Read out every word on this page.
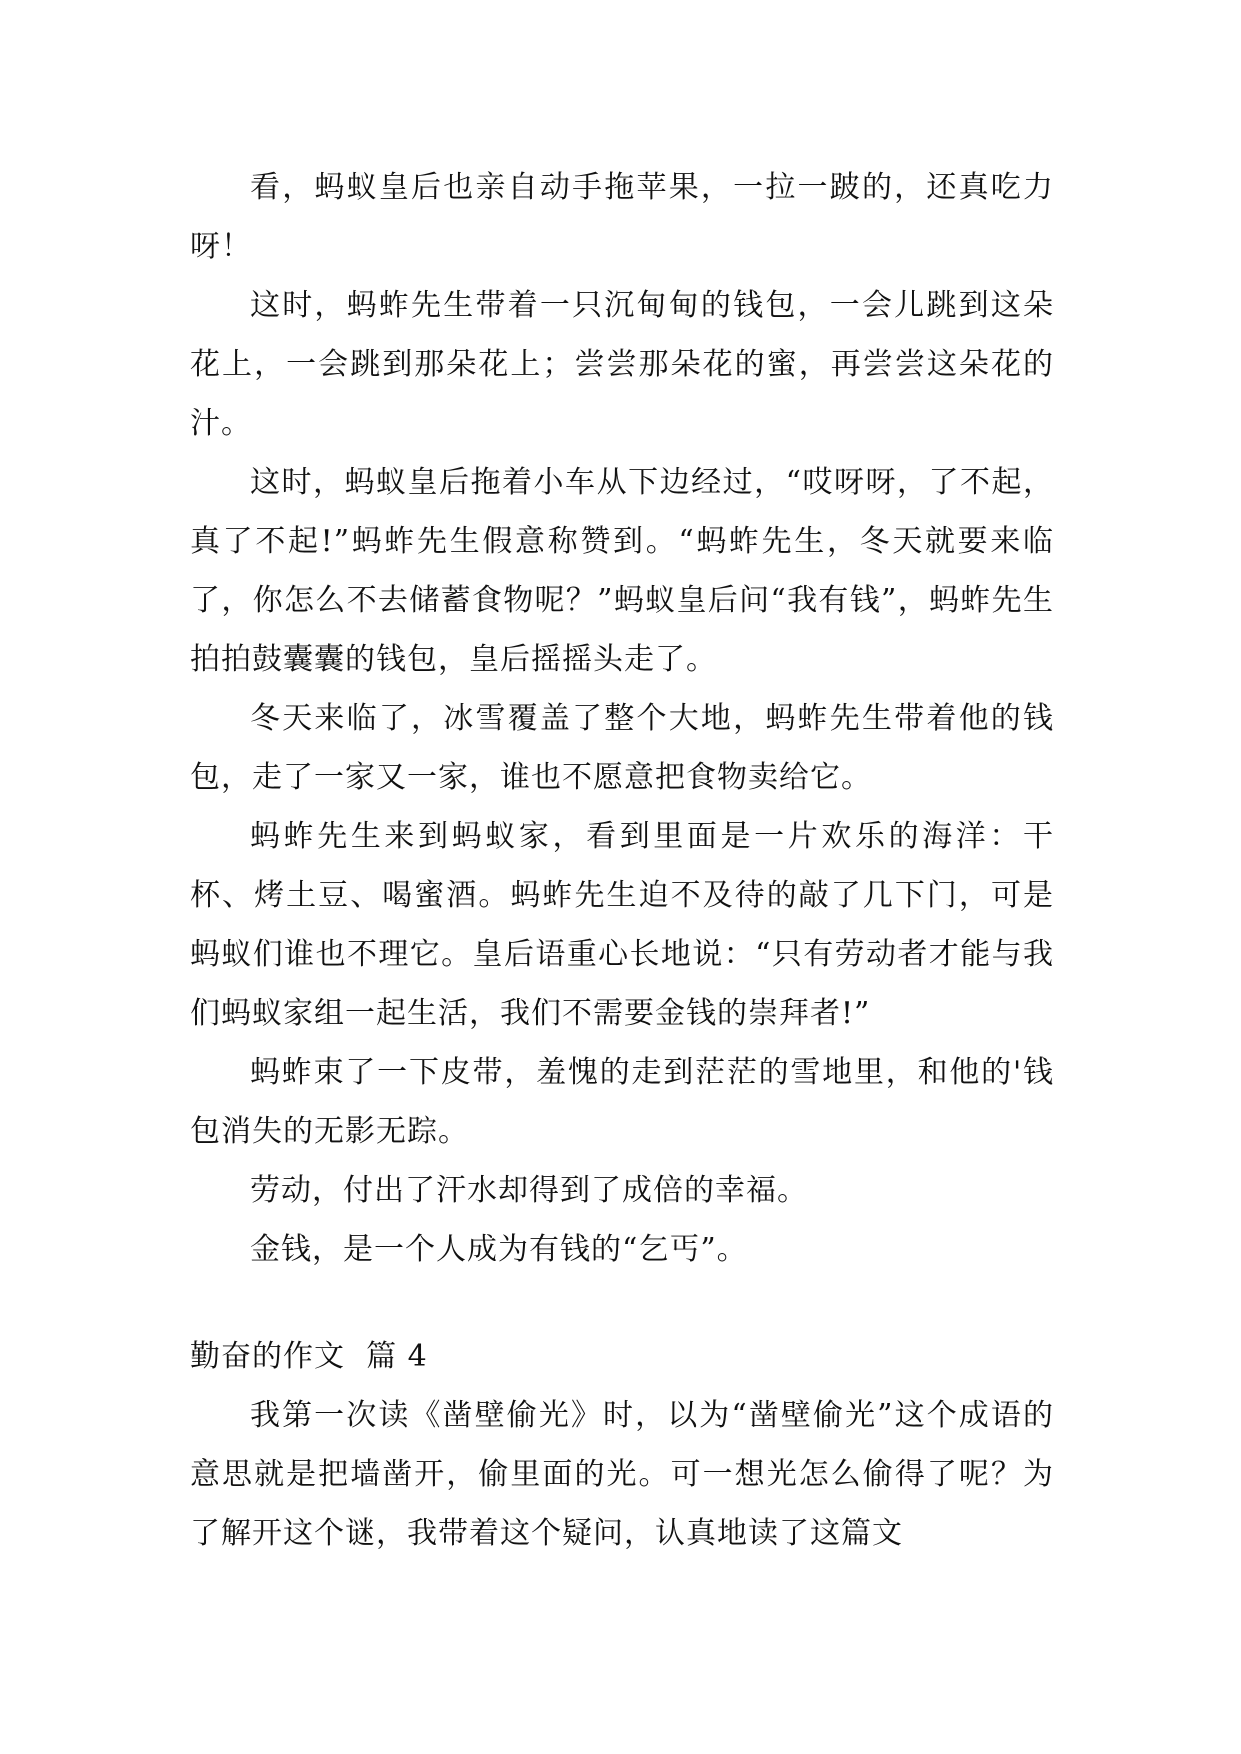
看，蚂蚁皇后也亲自动手拖苹果，一拉一跛的，还真吃力呀！

这时，蚂蚱先生带着一只沉甸甸的钱包，一会儿跳到这朵花上，一会跳到那朵花上；尝尝那朵花的蜜，再尝尝这朵花的汁。

这时，蚂蚁皇后拖着小车从下边经过，“哎呀呀，了不起，真了不起!”蚂蚱先生假意称赞到。“蚂蚱先生，冬天就要来临了，你怎么不去储蓄食物呢？”蚂蚁皇后问“我有钱”，蚂蚱先生拍拍鼓囊囊的钱包，皇后摇摇头走了。

冬天来临了，冰雪覆盖了整个大地，蚂蚱先生带着他的钱包，走了一家又一家，谁也不愿意把食物卖给它。

蚂蚱先生来到蚂蚁家，看到里面是一片欢乐的海洋：干杯、烤土豆、喝蜜酒。蚂蚱先生迫不及待的敲了几下门，可是蚂蚁们谁也不理它。皇后语重心长地说：“只有劳动者才能与我们蚂蚁家组一起生活，我们不需要金钱的崇拜者!”

蚂蚱束了一下皮带，羞愧的走到茫茫的雪地里，和他的'钱包消失的无影无踪。

劳动，付出了汗水却得到了成倍的幸福。

金钱，是一个人成为有钱的“乞丐”。

勤奋的作文  篇 4

我第一次读《凿壁偷光》时，以为“凿壁偷光”这个成语的意思就是把墙凿开，偷里面的光。可一想光怎么偷得了呢？为了解开这个谜，我带着这个疑问，认真地读了这篇文
